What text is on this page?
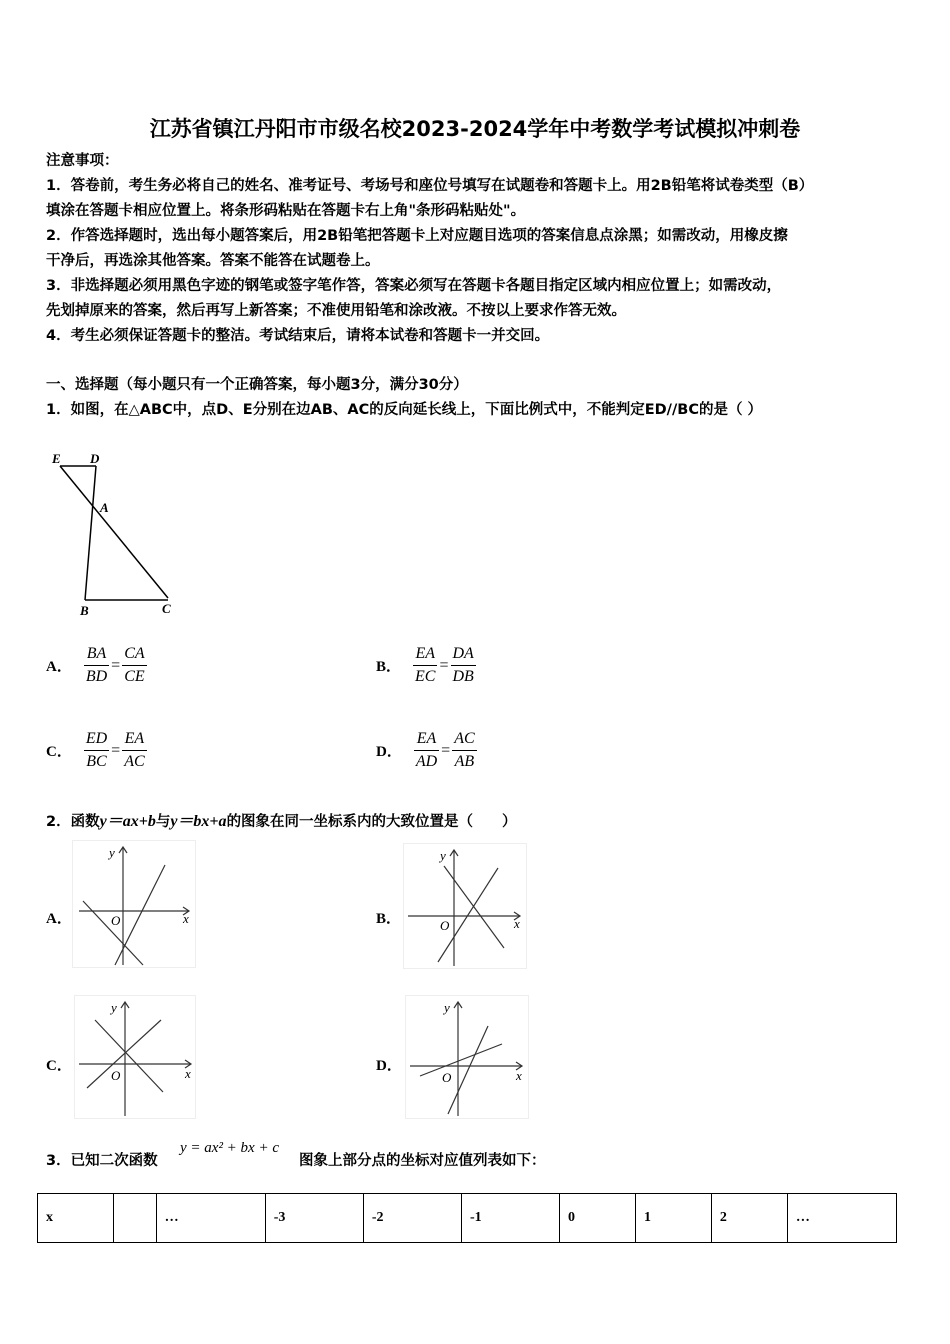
江苏省镇江丹阳市市级名校2023-2024学年中考数学考试模拟冲刺卷
注意事项：
1．答卷前，考生务必将自己的姓名、准考证号、考场号和座位号填写在试题卷和答题卡上。用2B铅笔将试卷类型（B）
填涂在答题卡相应位置上。将条形码粘贴在答题卡右上角"条形码粘贴处"。
2．作答选择题时，选出每小题答案后，用2B铅笔把答题卡上对应题目选项的答案信息点涂黑；如需改动，用橡皮擦
干净后，再选涂其他答案。答案不能答在试题卷上。
3．非选择题必须用黑色字迹的钢笔或签字笔作答，答案必须写在答题卡各题目指定区域内相应位置上；如需改动，
先划掉原来的答案，然后再写上新答案；不准使用铅笔和涂改液。不按以上要求作答无效。
4．考生必须保证答题卡的整洁。考试结束后，请将本试卷和答题卡一并交回。
一、选择题（每小题只有一个正确答案，每小题3分，满分30分）
1．如图，在△ABC中，点D、E分别在边AB、AC的反向延长线上，下面比例式中，不能判定ED//BC的是（ ）
E D
A
B	C
A． $\frac{BA}{BD} = \frac{CA}{CE}$	B． $\frac{EA}{EC} = \frac{DA}{DB}$
C． $\frac{ED}{BC} = \frac{EA}{AC}$	D． $\frac{EA}{AD} = \frac{AC}{AB}$
2．函数y＝ax+b与y＝bx+a的图象在同一坐标系内的大致位置是（　　）
A．
y
x
O	B．
y
x
O
C．
y
x
O
D．
y
x
O
3．已知二次函数
y = ax² + bx + c
图象上部分点的坐标对应值列表如下：
x		…	-3	-2	-1	0	1	2	…
